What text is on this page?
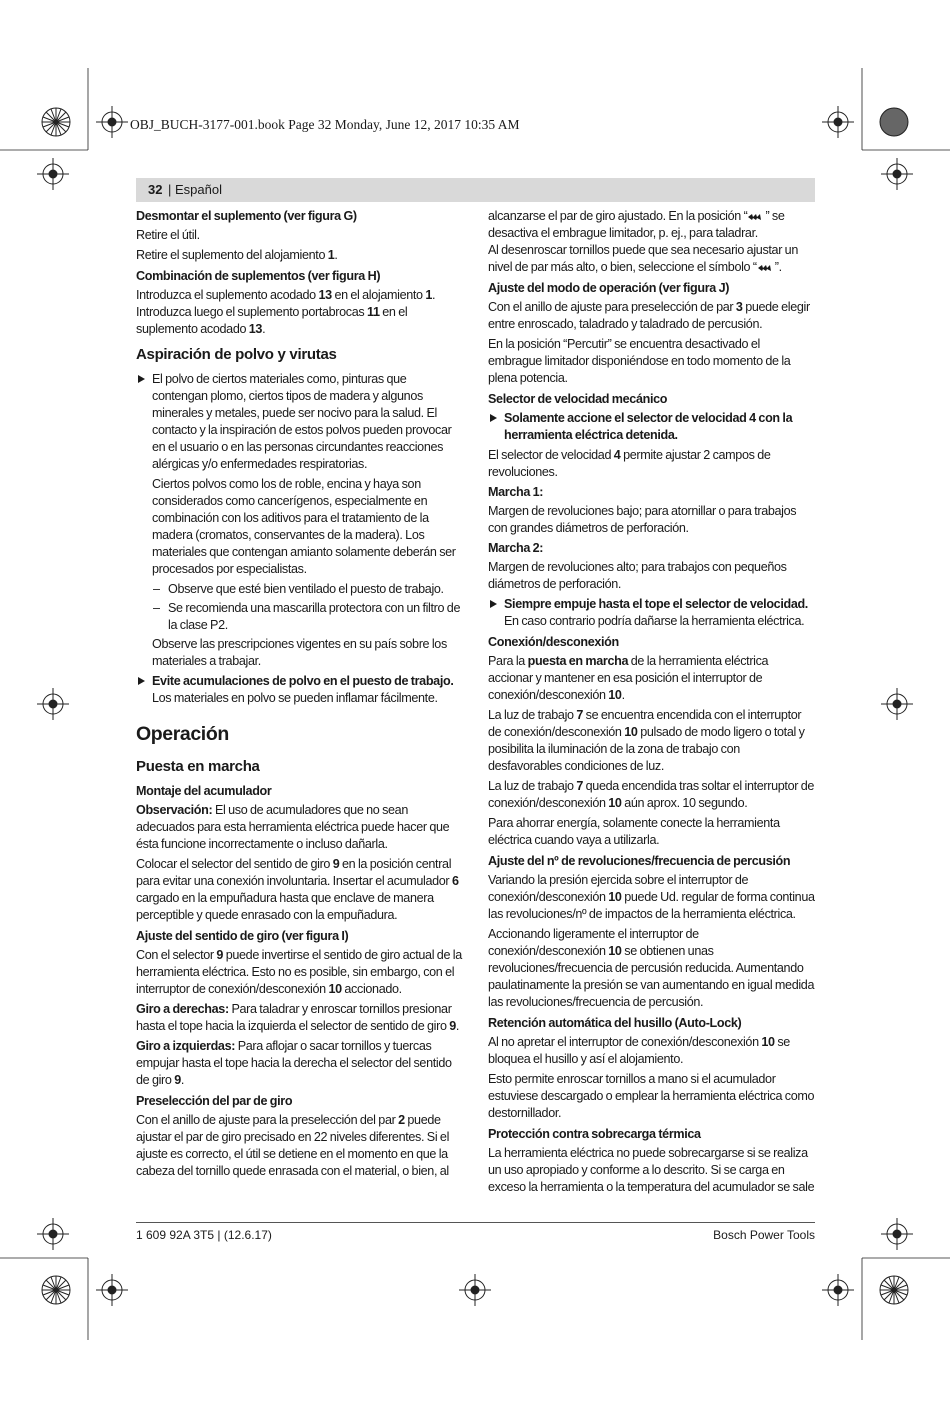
OBJ_BUCH-3177-001.book Page 32 Monday, June 12, 2017 10:35 AM
32 | Español
Desmontar el suplemento (ver figura G)

Retire el útil.

Retire el suplemento del alojamiento 1.

Combinación de suplementos (ver figura H)

Introduzca el suplemento acodado 13 en el alojamiento 1. Introduzca luego el suplemento portabrocas 11 en el suplemento acodado 13.

Aspiración de polvo y virutas
El polvo de ciertos materiales como, pinturas que contengan plomo, ciertos tipos de madera y algunos minerales y metales, puede ser nocivo para la salud. El contacto y la inspiración de estos polvos pueden provocar en el usuario o en las personas circundantes reacciones alérgicas y/o enfermedades respiratorias.

Ciertos polvos como los de roble, encina y haya son considerados como cancerígenos, especialmente en combinación con los aditivos para el tratamiento de la madera (cromatos, conservantes de la madera). Los materiales que contengan amianto solamente deberán ser procesados por especialistas.

– Observe que esté bien ventilado el puesto de trabajo.
– Se recomienda una mascarilla protectora con un filtro de la clase P2.

Observe las prescripciones vigentes en su país sobre los materiales a trabajar.

Evite acumulaciones de polvo en el puesto de trabajo.
Los materiales en polvo se pueden inflamar fácilmente.
Operación
Puesta en marcha
Montaje del acumulador

Observación: El uso de acumuladores que no sean adecuados para esta herramienta eléctrica puede hacer que ésta funcione incorrectamente o incluso dañarla.

Colocar el selector del sentido de giro 9 en la posición central para evitar una conexión involuntaria. Insertar el acumulador 6 cargado en la empuñadura hasta que enclave de manera perceptible y quede enrasado con la empuñadura.

Ajuste del sentido de giro (ver figura I)

Con el selector 9 puede invertirse el sentido de giro actual de la herramienta eléctrica. Esto no es posible, sin embargo, con el interruptor de conexión/desconexión 10 accionado.

Giro a derechas: Para taladrar y enroscar tornillos presionar hasta el tope hacia la izquierda el selector de sentido de giro 9.

Giro a izquierdas: Para aflojar o sacar tornillos y tuercas empujar hasta el tope hacia la derecha el selector del sentido de giro 9.

Preselección del par de giro

Con el anillo de ajuste para la preselección del par 2 puede ajustar el par de giro precisado en 22 niveles diferentes. Si el ajuste es correcto, el útil se detiene en el momento en que la cabeza del tornillo quede enrasada con el material, o bien, al

alcanzarse el par de giro ajustado. En la posición “ ” se desactiva el embrague limitador, p. ej., para taladrar.
Al desenroscar tornillos puede que sea necesario ajustar un nivel de par más alto, o bien, seleccione el símbolo “ ”.

Ajuste del modo de operación (ver figura J)

Con el anillo de ajuste para preselección de par 3 puede elegir entre enroscado, taladrado y taladrado de percusión.

En la posición “Percutir” se encuentra desactivado el embrague limitador disponiéndose en todo momento de la plena potencia.

Selector de velocidad mecánico
Solamente accione el selector de velocidad 4 con la herramienta eléctrica detenida.

El selector de velocidad 4 permite ajustar 2 campos de revoluciones.

Marcha 1:

Margen de revoluciones bajo; para atornillar o para trabajos con grandes diámetros de perforación.

Marcha 2:

Margen de revoluciones alto; para trabajos con pequeños diámetros de perforación.

Siempre empuje hasta el tope el selector de velocidad. En caso contrario podría dañarse la herramienta eléctrica.
Conexión/desconexión

Para la puesta en marcha de la herramienta eléctrica accionar y mantener en esa posición el interruptor de conexión/desconexión 10.

La luz de trabajo 7 se encuentra encendida con el interruptor de conexión/desconexión 10 pulsado de modo ligero o total y posibilita la iluminación de la zona de trabajo con desfavorables condiciones de luz.

La luz de trabajo 7 queda encendida tras soltar el interruptor de conexión/desconexión 10 aún aprox. 10 segundo.

Para ahorrar energía, solamente conecte la herramienta eléctrica cuando vaya a utilizarla.

Ajuste del nº de revoluciones/frecuencia de percusión

Variando la presión ejercida sobre el interruptor de conexión/desconexión 10 puede Ud. regular de forma continua las revoluciones/nº de impactos de la herramienta eléctrica.

Accionando ligeramente el interruptor de conexión/desconexión 10 se obtienen unas revoluciones/frecuencia de percusión reducida. Aumentando paulatinamente la presión se van aumentando en igual medida las revoluciones/frecuencia de percusión.

Retención automática del husillo (Auto-Lock)

Al no apretar el interruptor de conexión/desconexión 10 se bloquea el husillo y así el alojamiento.

Esto permite enroscar tornillos a mano si el acumulador estuviese descargado o emplear la herramienta eléctrica como destornillador.

Protección contra sobrecarga térmica

La herramienta eléctrica no puede sobrecargarse si se realiza un uso apropiado y conforme a lo descrito. Si se carga en exceso la herramienta o la temperatura del acumulador se sale

1 609 92A 3T5 | (12.6.17)	Bosch Power Tools
